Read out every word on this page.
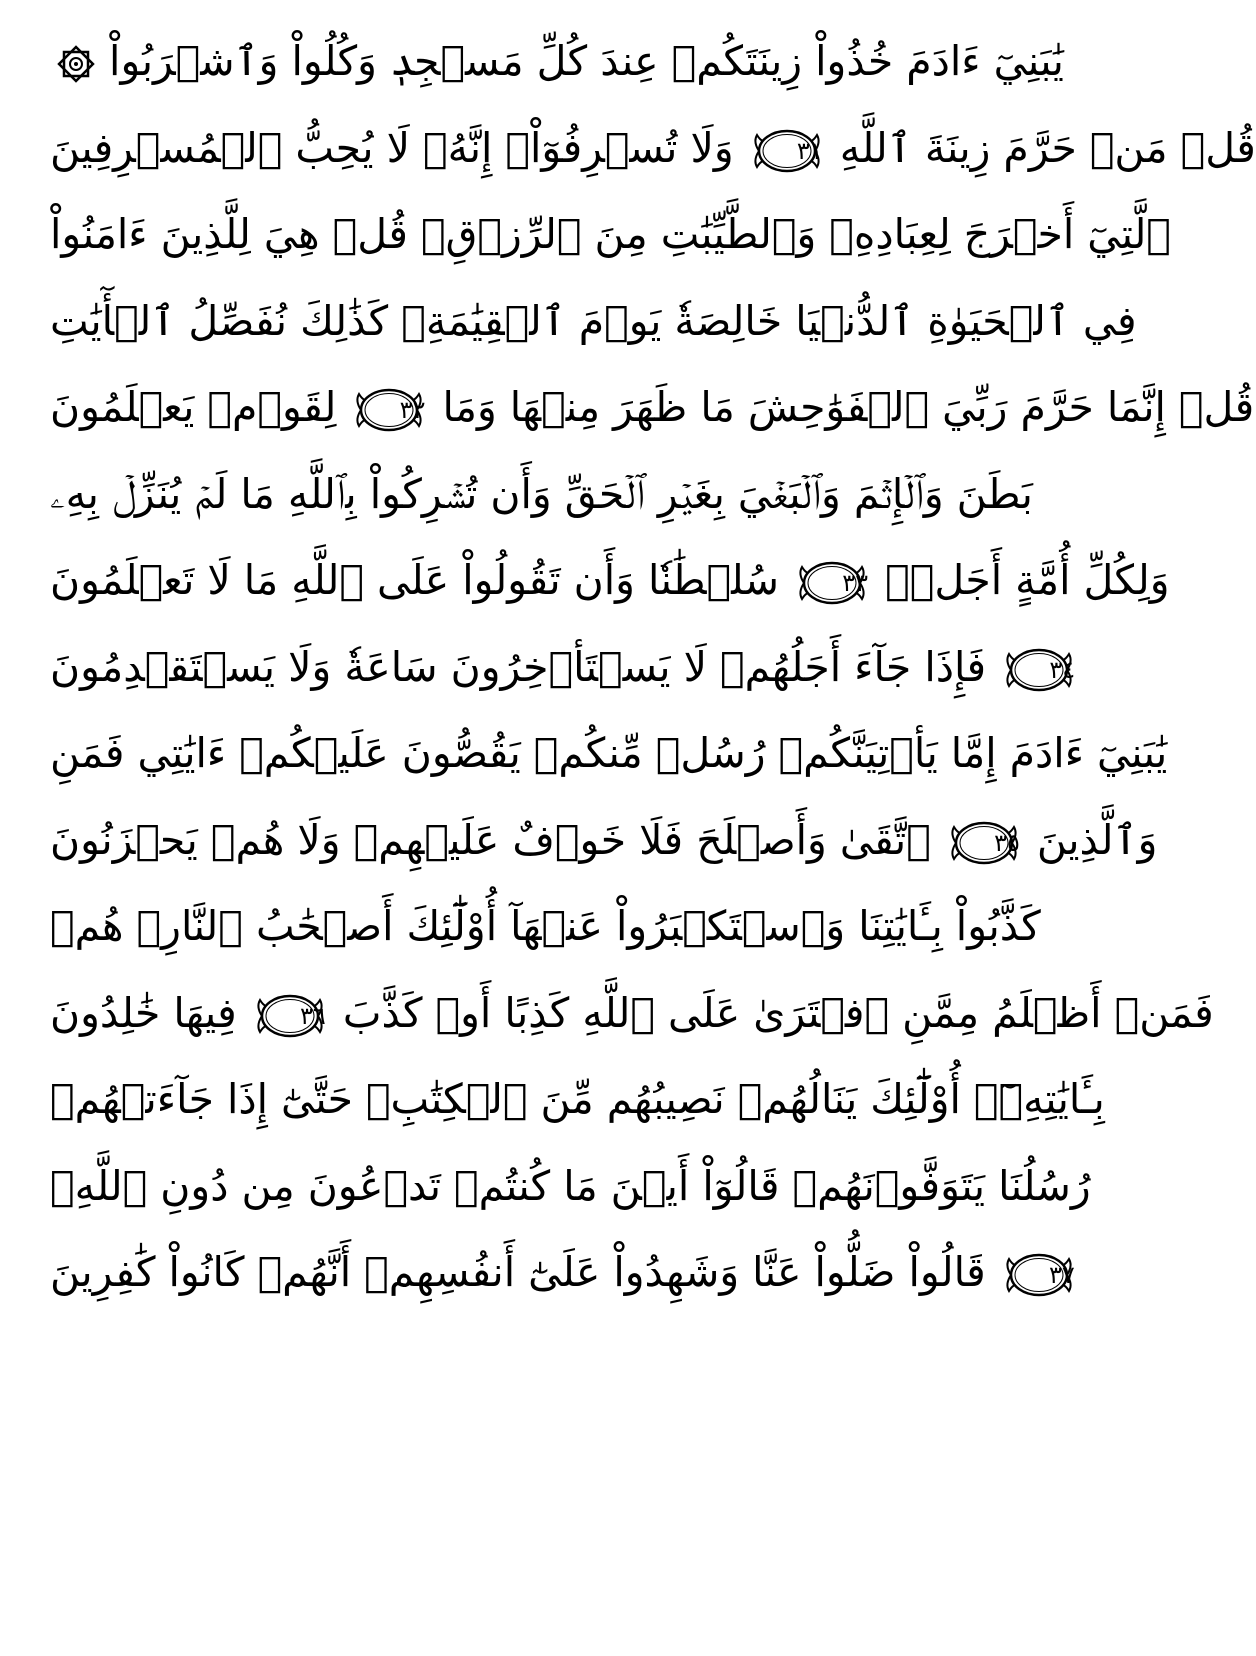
يَٰبَنِيٓ ءَادَمَ خُذُواْ زِينَتَكُمۡ عِندَ كُلِّ مَسۡجِدٖ وَكُلُواْ وَٱشۡرَبُواْ
وَلَا تُسۡرِفُوٓاْۚ إِنَّهُۥ لَا يُحِبُّ ٱلۡمُسۡرِفِينَ	٣١ قُلۡ مَنۡ حَرَّمَ زِينَةَ ٱللَّهِ
ٱلَّتِيٓ أَخۡرَجَ لِعِبَادِهِۦ وَٱلطَّيِّبَٰتِ مِنَ ٱلرِّزۡقِۚ قُلۡ هِيَ لِلَّذِينَ ءَامَنُواْ
فِي ٱلۡحَيَوٰةِ ٱلدُّنۡيَا خَالِصَةٗ يَوۡمَ ٱلۡقِيَٰمَةِۗ كَذَٰلِكَ نُفَصِّلُ ٱلۡأٓيَٰتِ
لِقَوۡمٖ يَعۡلَمُونَ	٣٢ قُلۡ إِنَّمَا حَرَّمَ رَبِّيَ ٱلۡفَوَٰحِشَ مَا ظَهَرَ مِنۡهَا وَمَا
بَطَنَ وَٱلۡإِثۡمَ وَٱلۡبَغۡيَ بِغَيۡرِ ٱلۡحَقِّ وَأَن تُشۡرِكُواْ بِٱللَّهِ مَا لَمۡ يُنَزِّلۡ بِهِۦ
سُلۡطَٰنٗا وَأَن تَقُولُواْ عَلَى ٱللَّهِ مَا لَا تَعۡلَمُونَ	٣٣ وَلِكُلِّ أُمَّةٍ أَجَلٞۖ
فَإِذَا جَآءَ أَجَلُهُمۡ لَا يَسۡتَأۡخِرُونَ سَاعَةٗ وَلَا يَسۡتَقۡدِمُونَ	٣٤
يَٰبَنِيٓ ءَادَمَ إِمَّا يَأۡتِيَنَّكُمۡ رُسُلٞ مِّنكُمۡ يَقُصُّونَ عَلَيۡكُمۡ ءَايَٰتِي فَمَنِ
ٱتَّقَىٰ وَأَصۡلَحَ فَلَا خَوۡفٌ عَلَيۡهِمۡ وَلَا هُمۡ يَحۡزَنُونَ	٣٥ وَٱلَّذِينَ
كَذَّبُواْ بِـَٔايَٰتِنَا وَٱسۡتَكۡبَرُواْ عَنۡهَآ أُوْلَٰٓئِكَ أَصۡحَٰبُ ٱلنَّارِۖ هُمۡ
فِيهَا خَٰلِدُونَ	٣٦ فَمَنۡ أَظۡلَمُ مِمَّنِ ٱفۡتَرَىٰ عَلَى ٱللَّهِ كَذِبًا أَوۡ كَذَّبَ
بِـَٔايَٰتِهِۦٓۚ أُوْلَٰٓئِكَ يَنَالُهُمۡ نَصِيبُهُم مِّنَ ٱلۡكِتَٰبِۖ حَتَّىٰٓ إِذَا جَآءَتۡهُمۡ
رُسُلُنَا يَتَوَفَّوۡنَهُمۡ قَالُوٓاْ أَيۡنَ مَا كُنتُمۡ تَدۡعُونَ مِن دُونِ ٱللَّهِۖ
قَالُواْ ضَلُّواْ عَنَّا وَشَهِدُواْ عَلَىٰٓ أَنفُسِهِمۡ أَنَّهُمۡ كَانُواْ كَٰفِرِينَ	٣٧
